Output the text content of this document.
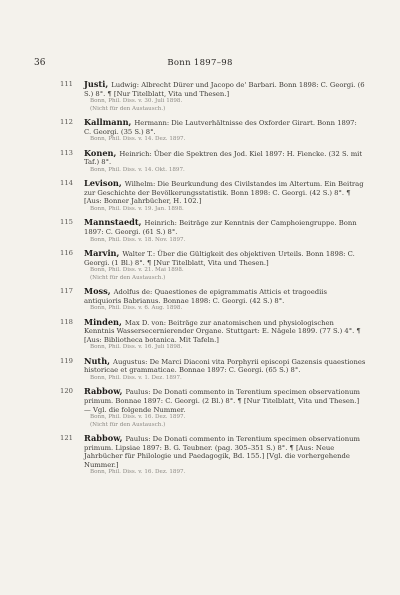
36	Bonn 1897–98
111 Justi, Ludwig: Albrecht Dürer und Jacopo de' Barbari. Bonn 1898: C. Georgi. (6 S.) 8°. ¶ [Nur Titelblatt, Vita und Thesen.]
Bonn, Phil. Diss. v. 30. Juli 1898.
(Nicht für den Austausch.)
112 Kallmann, Hermann: Die Lautverhältnisse des Oxforder Girart. Bonn 1897: C. Georgi. (35 S.) 8°.
Bonn, Phil. Diss. v. 14. Dez. 1897.
113 Konen, Heinrich: Über die Spektren des Jod. Kiel 1897: H. Fiencke. (32 S. mit Taf.) 8°.
Bonn, Phil. Diss. v. 14. Okt. 1897.
114 Levison, Wilhelm: Die Beurkundung des Civilstandes im Altertum. Ein Beitrag zur Geschichte der Bevölkerungsstatistik. Bonn 1898: C. Georgi. (42 S.) 8°. ¶ [Aus: Bonner Jahrbücher, H. 102.]
Bonn, Phil. Diss. v. 19. Jan. 1898.
115 Mannstaedt, Heinrich: Beiträge zur Kenntnis der Camphoiengruppe. Bonn 1897: C. Georgi. (61 S.) 8°.
Bonn, Phil. Diss. v. 18. Nov. 1897.
116 Marvin, Walter T.: Über die Gültigkeit des objektiven Urteils. Bonn 1898: C. Georgi. (1 Bl.) 8°. ¶ [Nur Titelblatt, Vita und Thesen.]
Bonn, Phil. Diss. v. 21. Mai 1898.
(Nicht für den Austausch.)
117 Moss, Adolfus de: Quaestiones de epigrammatis Atticis et tragoediis antiquioris Babrianus. Bonnae 1898: C. Georgi. (42 S.) 8°.
Bonn, Phil. Diss. v. 6. Aug. 1898.
118 Minden, Max D. von: Beiträge zur anatomischen und physiologischen Kenntnis Wassersecernierender Organe. Stuttgart: E. Nägele 1899. (77 S.) 4°. ¶ [Aus: Bibliotheca botanica. Mit Tafeln.]
Bonn, Phil. Diss. v. 16. Juli 1898.
119 Nuth, Augustus: De Marci Diaconi vita Porphyrii episcopi Gazensis quaestiones historicae et grammaticae. Bonnae 1897: C. Georgi. (65 S.) 8°.
Bonn, Phil. Diss. v. 1. Dez. 1897.
120 Rabbow, Paulus: De Donati commento in Terentium specimen observationum primum. Bonnae 1897: C. Georgi. (2 Bl.) 8°. ¶ [Nur Titelblatt, Vita und Thesen.] — Vgl. die folgende Nummer.
Bonn, Phil. Diss. v. 16. Dez. 1897.
(Nicht für den Austausch.)
121 Rabbow, Paulus: De Donati commento in Terentium specimen observationum primum. Lipsiae 1897: B. G. Teubner. (pag. 305–351 S.) 8°. ¶ [Aus: Neue Jahrbücher für Philologie und Paedagogik, Bd. 155.] [Vgl. die vorhergehende Nummer.]
Bonn, Phil. Diss. v. 16. Dez. 1897.
